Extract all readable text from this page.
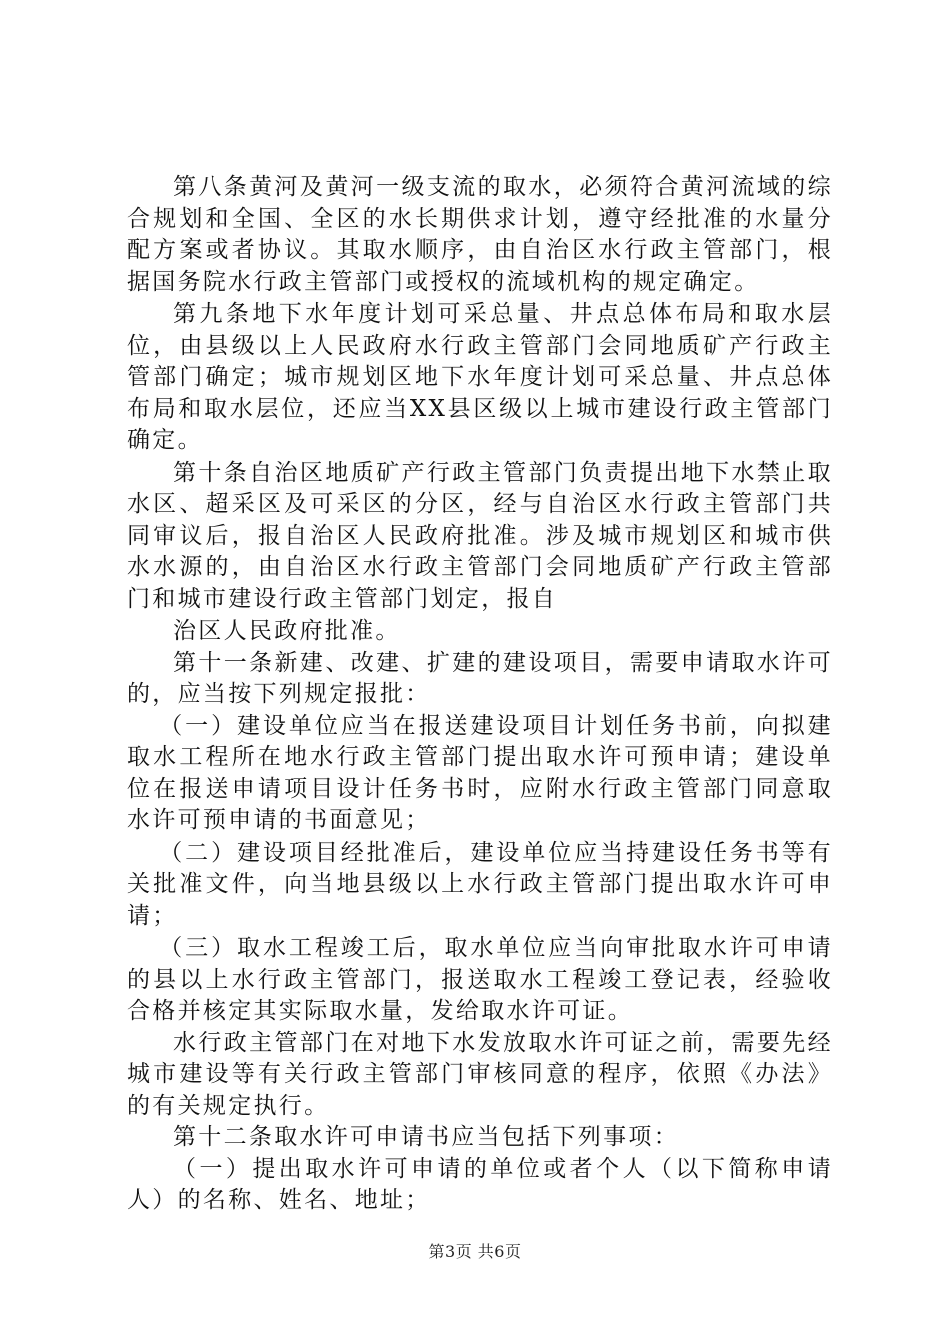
第八条黄河及黄河一级支流的取水，必须符合黄河流域的综合规划和全国、全区的水长期供求计划，遵守经批准的水量分配方案或者协议。其取水顺序，由自治区水行政主管部门，根据国务院水行政主管部门或授权的流域机构的规定确定。

第九条地下水年度计划可采总量、井点总体布局和取水层位，由县级以上人民政府水行政主管部门会同地质矿产行政主管部门确定；城市规划区地下水年度计划可采总量、井点总体布局和取水层位，还应当XX县区级以上城市建设行政主管部门确定。

第十条自治区地质矿产行政主管部门负责提出地下水禁止取水区、超采区及可采区的分区，经与自治区水行政主管部门共同审议后，报自治区人民政府批准。涉及城市规划区和城市供水水源的，由自治区水行政主管部门会同地质矿产行政主管部门和城市建设行政主管部门划定，报自

治区人民政府批准。

第十一条新建、改建、扩建的建设项目，需要申请取水许可的，应当按下列规定报批：

（一）建设单位应当在报送建设项目计划任务书前，向拟建取水工程所在地水行政主管部门提出取水许可预申请；建设单位在报送申请项目设计任务书时，应附水行政主管部门同意取水许可预申请的书面意见；

（二）建设项目经批准后，建设单位应当持建设任务书等有关批准文件，向当地县级以上水行政主管部门提出取水许可申请；

（三）取水工程竣工后，取水单位应当向审批取水许可申请的县以上水行政主管部门，报送取水工程竣工登记表，经验收合格并核定其实际取水量，发给取水许可证。

水行政主管部门在对地下水发放取水许可证之前，需要先经城市建设等有关行政主管部门审核同意的程序，依照《办法》的有关规定执行。

第十二条取水许可申请书应当包括下列事项：

（一）提出取水许可申请的单位或者个人（以下简称申请人）的名称、姓名、地址；

第3页 共6页
